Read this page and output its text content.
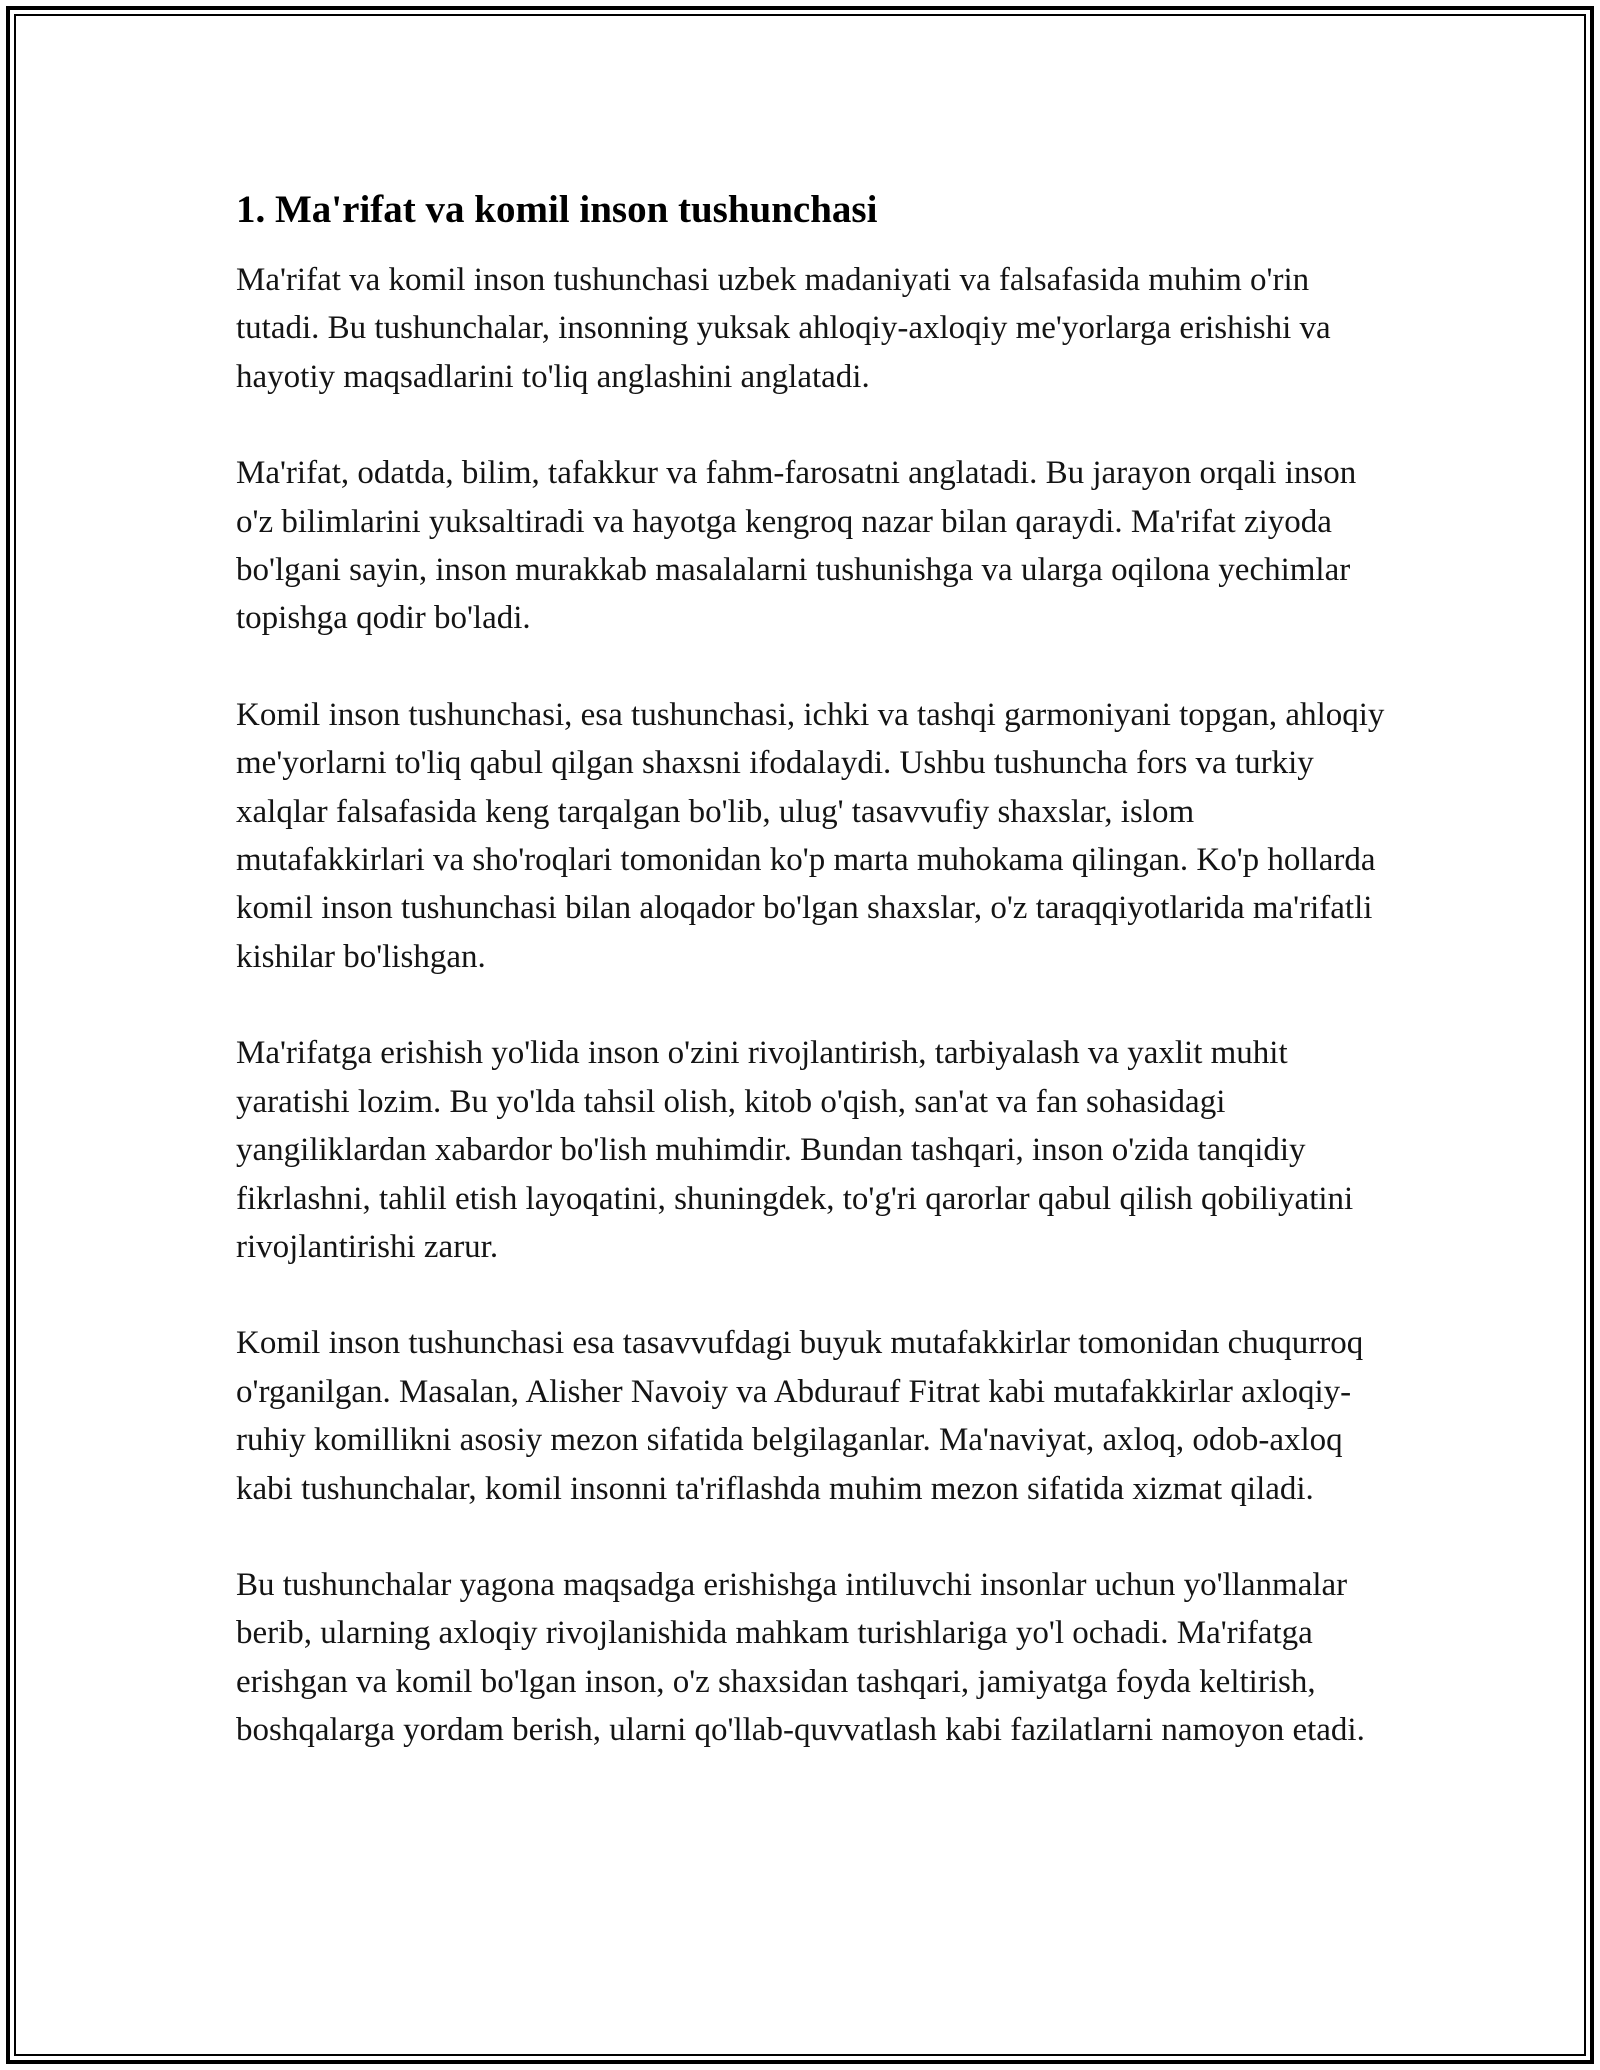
1. Ma'rifat va komil inson tushunchasi

Ma'rifat va komil inson tushunchasi uzbek madaniyati va falsafasida muhim o'rin tutadi. Bu tushunchalar, insonning yuksak ahloqiy-axloqiy me'yorlarga erishishi va hayotiy maqsadlarini to'liq anglashini anglatadi.

Ma'rifat, odatda, bilim, tafakkur va fahm-farosatni anglatadi. Bu jarayon orqali inson o'z bilimlarini yuksaltiradi va hayotga kengroq nazar bilan qaraydi. Ma'rifat ziyoda bo'lgani sayin, inson murakkab masalalarni tushunishga va ularga oqilona yechimlar topishga qodir bo'ladi.

Komil inson tushunchasi, esa tushunchasi, ichki va tashqi garmoniyani topgan, ahloqiy me'yorlarni to'liq qabul qilgan shaxsni ifodalaydi. Ushbu tushuncha fors va turkiy xalqlar falsafasida keng tarqalgan bo'lib, ulug' tasavvufiy shaxslar, islom mutafakkirlari va sho'roqlari tomonidan ko'p marta muhokama qilingan. Ko'p hollarda komil inson tushunchasi bilan aloqador bo'lgan shaxslar, o'z taraqqiyotlarida ma'rifatli kishilar bo'lishgan.

Ma'rifatga erishish yo'lida inson o'zini rivojlantirish, tarbiyalash va yaxlit muhit yaratishi lozim. Bu yo'lda tahsil olish, kitob o'qish, san'at va fan sohasidagi yangiliklardan xabardor bo'lish muhimdir. Bundan tashqari, inson o'zida tanqidiy fikrlashni, tahlil etish layoqatini, shuningdek, to'g'ri qarorlar qabul qilish qobiliyatini rivojlantirishi zarur.

Komil inson tushunchasi esa tasavvufdagi buyuk mutafakkirlar tomonidan chuqurroq o'rganilgan. Masalan, Alisher Navoiy va Abdurauf Fitrat kabi mutafakkirlar axloqiy-ruhiy komillikni asosiy mezon sifatida belgilaganlar. Ma'naviyat, axloq, odob-axloq kabi tushunchalar, komil insonni ta'riflashda muhim mezon sifatida xizmat qiladi.

Bu tushunchalar yagona maqsadga erishishga intiluvchi insonlar uchun yo'llanmalar berib, ularning axloqiy rivojlanishida mahkam turishlariga yo'l ochadi. Ma'rifatga erishgan va komil bo'lgan inson, o'z shaxsidan tashqari, jamiyatga foyda keltirish, boshqalarga yordam berish, ularni qo'llab-quvvatlash kabi fazilatlarni namoyon etadi.
